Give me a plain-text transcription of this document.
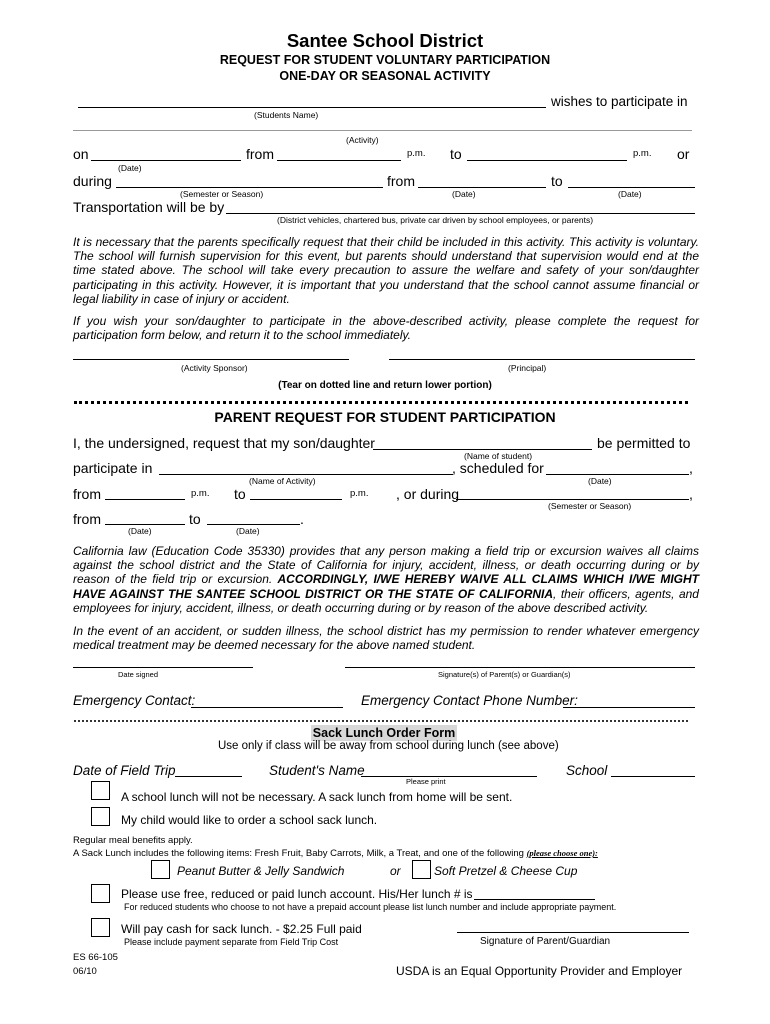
Santee School District
REQUEST FOR STUDENT VOLUNTARY PARTICIPATION
ONE-DAY OR SEASONAL ACTIVITY
wishes to participate in
(Students Name)
(Activity)
on	from	p.m. to	p.m. or
(Date)
during	from	to
(Semester or Season)	(Date)	(Date)
Transportation will be by
(District vehicles, chartered bus, private car driven by school employees, or parents)
It is necessary that the parents specifically request that their child be included in this activity. This activity is voluntary. The school will furnish supervision for this event, but parents should understand that supervision would end at the time stated above. The school will take every precaution to assure the welfare and safety of your son/daughter participating in this activity. However, it is important that you understand that the school cannot assume financial or legal liability in case of injury or accident.
If you wish your son/daughter to participate in the above-described activity, please complete the request for participation form below, and return it to the school immediately.
(Activity Sponsor)	(Principal)
(Tear on dotted line and return lower portion)
PARENT REQUEST FOR STUDENT PARTICIPATION
I, the undersigned, request that my son/daughter	be permitted to
(Name of student)
participate in	, scheduled for	,
(Name of Activity)	(Date)
from	p.m. to	p.m. , or during	,
(Semester or Season)
from	to	.
(Date)	(Date)
California law (Education Code 35330) provides that any person making a field trip or excursion waives all claims against the school district and the State of California for injury, accident, illness, or death occurring during or by reason of the field trip or excursion. ACCORDINGLY, I/WE HEREBY WAIVE ALL CLAIMS WHICH I/WE MIGHT HAVE AGAINST THE SANTEE SCHOOL DISTRICT OR THE STATE OF CALIFORNIA, their officers, agents, and employees for injury, accident, illness, or death occurring during or by reason of the above described activity.
In the event of an accident, or sudden illness, the school district has my permission to render whatever emergency medical treatment may be deemed necessary for the above named student.
Date signed	Signature(s) of Parent(s) or Guardian(s)
Emergency Contact:	Emergency Contact Phone Number:
Sack Lunch Order Form
Use only if class will be away from school during lunch (see above)
Date of Field Trip	Student's Name	School
Please print
A school lunch will not be necessary. A sack lunch from home will be sent.
My child would like to order a school sack lunch.
Regular meal benefits apply.
A Sack Lunch includes the following items: Fresh Fruit, Baby Carrots, Milk, a Treat, and one of the following (please choose one):
Peanut Butter & Jelly Sandwich	or	Soft Pretzel & Cheese Cup
Please use free, reduced or paid lunch account. His/Her lunch # is
For reduced students who choose to not have a prepaid account please list lunch number and include appropriate payment.
Will pay cash for sack lunch. - $2.25 Full paid
Please include payment separate from Field Trip Cost	Signature of Parent/Guardian
ES 66-105
06/10	USDA is an Equal Opportunity Provider and Employer
